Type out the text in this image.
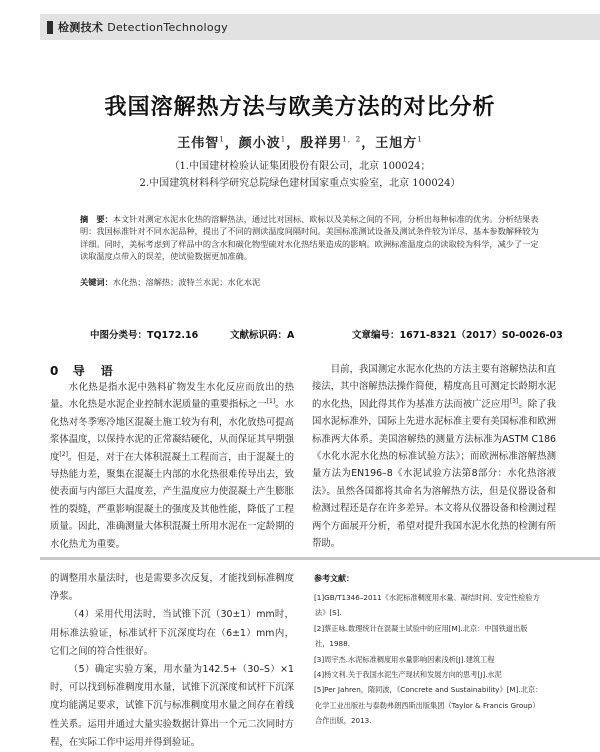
检测技术 DetectionTechnology
我国溶解热方法与欧美方法的对比分析
王伟智$^1$，颜小波$^1$，殷祥男$^{1,2}$，王旭方$^1$
（1.中国建材检验认证集团股份有限公司，北京 100024；
2.中国建筑材料科学研究总院绿色建材国家重点实验室，北京 100024）
摘　要：本文针对测定水泥水化热的溶解热法，通过比对国标、欧标以及美标之间的不同，分析出每种标准的优劣。分析结果表明：我国标准针对不同水泥品种，提出了不同的测读温度间隔时间。美国标准测试设备及测试条件较为详尽，基本参数解释较为详细。同时，美标考虑到了样品中的含水和碳化物型硫对水化热结果造成的影响。欧洲标准温度点的读取较为科学，减少了一定读取温度点带入的误差，使试验数据更加准确。
关键词：水化热；溶解热；波特兰水泥；水化水泥
中图分类号：TQ172.16	文献标识码：A	文章编号：1671-8321（2017）S0-0026-03
0 导　语

水化热是指水泥中熟料矿物发生水化反应而放出的热量。水化热是水泥企业控制水泥质量的重要指标之一[1]。水化热对冬季寒冷地区混凝土施工较为有利，水化放热可提高浆体温度，以保持水泥的正常凝结硬化，从而保证其早期强度[2]。但是，对于在大体积混凝土工程而言，由于混凝土的导热能力差，聚集在混凝土内部的水化热很难传导出去，致使表面与内部巨大温度差，产生温度应力使混凝土产生膨胀性的裂缝，严重影响混凝土的强度及其他性能，降低了工程质量。因此，准确测量大体积混凝土所用水泥在一定龄期的水化热尤为重要。

目前，我国测定水泥水化热的方法主要有溶解热法和直接法，其中溶解热法操作简便，精度高且可测定长龄期水泥的水化热，因此得其作为基准方法而被广泛应用[3]。除了我国水泥标准外，国际上先进水泥标准主要有美国标准和欧洲标准两大体系。美国溶解热的测量方法标准为ASTM C186《水化水泥水化热的标准试验方法》；而欧洲标准溶解热测量方法为EN196–8《水泥试验方法第8部分：水化热溶液法》。虽然各国都将其命名为溶解热方法，但是仪器设备和检测过程还是存在许多差异。本文将从仪器设备和检测过程两个方面展开分析，希望对提升我国水泥水化热的检测有所帮助。

的调整用水量法时，也是需要多次反复，才能找到标准稠度净浆。

（4）采用代用法时，当试锥下沉（30±1）mm时，用标准法验证，标准试杆下沉深度均在（6±1）mm内，它们之间的符合性很好。

（5）确定实验方案，用水量为142.5+（30–S）×1时，可以找到标准稠度用水量，试锥下沉深度和试杆下沉深度均能满足要求，试锥下沉与标准稠度用水量之间存在着线性关系。运用并通过大量实验数据计算出一个元二次同时方程，在实际工作中运用并得到验证。

参考文献：
[1]GB/T1346–2011《水泥标准稠度用水量、凝结时间、安定性检验方
法》[S].
[2]蔡正咏.数理统计在混凝土试验中的应用[M].北京：中国铁道出版
社，1988.
[3]周宇杰.水泥标准稠度用水量影响因素浅析[J].建筑工程
[4]杨文利.关于我国水泥生产现状和发展方向的思考[J].水泥
[5]Per Jahren，隋同波，《Concrete and Sustainability》[M].北京：
化学工业出版社与泰勒弗朗西斯出版集团（Taylor & Francis Group）
合作出版，2013.
